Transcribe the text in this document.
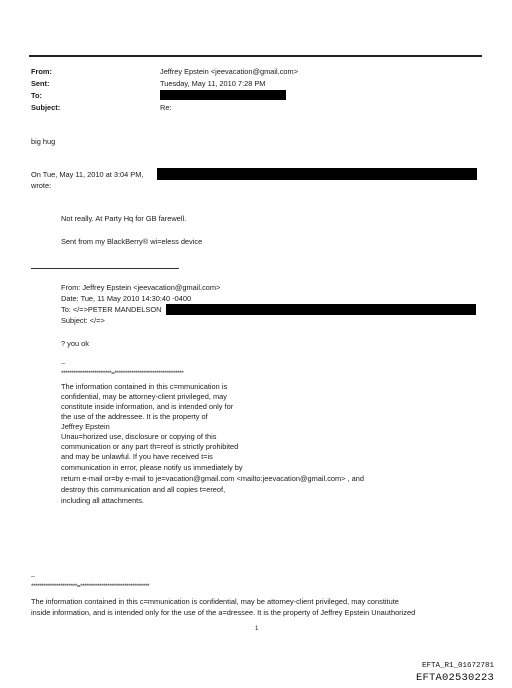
From:
Sent:
To:
Subject:
Jeffrey Epstein <jeevacation@gmail.com>
Tuesday, May 11, 2010 7:28 PM
Re:
big hug
On Tue, May 11, 2010 at 3:04 PM,
wrote:
Not really. At Party Hq for GB farewell.
Sent from my BlackBerry® wi=eless device
From: Jeffrey Epstein <jeevacation@gmail.com>
Date: Tue, 11 May 2010 14:30:40 -0400
To: </=>PETER MANDELSON
Subject: </=>
? you ok
--
************************=*********************************
The information contained in this c=mmunication is
confidential, may be attorney-client privileged, may
constitute inside information, and is intended only for
the use of the addressee. It is the property of
Jeffrey Epstein
Unau=horized use, disclosure or copying of this
communication or any part th=reof is strictly prohibited
and may be unlawful. If you have received t=is
communication in error, please notify us immediately by
return e-mail or=by e-mail to je=vacation@gmail.com <mailto:jeevacation@gmail.com> , and
destroy this communication and all copies t=ereof,
including all attachments.
--
**********************=*********************************
The information contained in this c=mmunication is confidential, may be attorney-client privileged, may constitute
inside information, and is intended only for the use of the a=dressee. It is the property of Jeffrey Epstein Unauthorized
1
EFTA_R1_01672781
EFTA02530223
